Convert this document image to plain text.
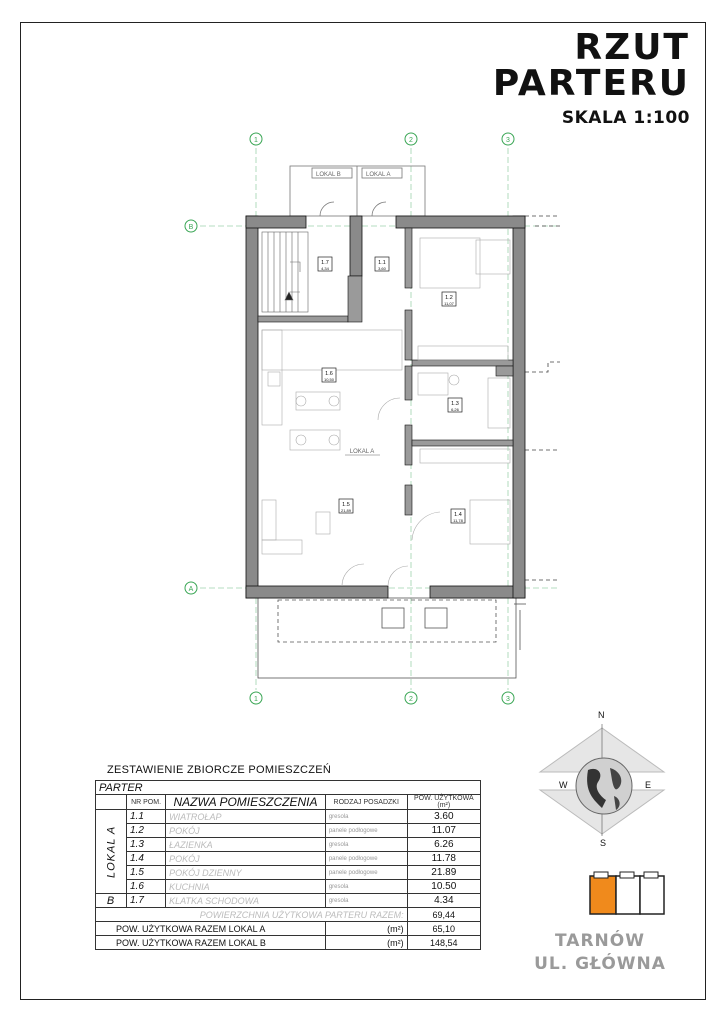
RZUT
PARTERU
SKALA 1:100
1	2	3
1	2	3
B
A
LOKAL B	LOKAL A
1.7
4,34
1.1
3,60
1.2
11,07
1.6
10,50
1.3
6,26
1.5
21,89
1.4
11,78
LOKAL A
N
S
E
W
ZESTAWIENIE ZBIORCZE POMIESZCZEŃ
PARTER				
	NR POM.	NAZWA POMIESZCZENIA	RODZAJ POSADZKI	POW. UŻYTKOWA (m²)
LOKAL A	1.1	WIATROŁAP	gresola	3.60
	1.2	POKÓJ	panele podłogowe	11.07
	1.3	ŁAZIENKA	gresola	6.26
	1.4	POKÓJ	panele podłogowe	11.78
	1.5	POKÓJ DZIENNY	panele podłogowe	21.89
	1.6	KUCHNIA	gresola	10.50
B	1.7	KLATKA SCHODOWA	gresola	4.34
POWIERZCHNIA UŻYTKOWA PARTERU RAZEM:				69,44
POW. UŻYTKOWA RAZEM LOKAL A			(m²)	65,10
POW. UŻYTKOWA RAZEM LOKAL B			(m²)	148,54	TARNÓW
UL. GŁÓWNA
